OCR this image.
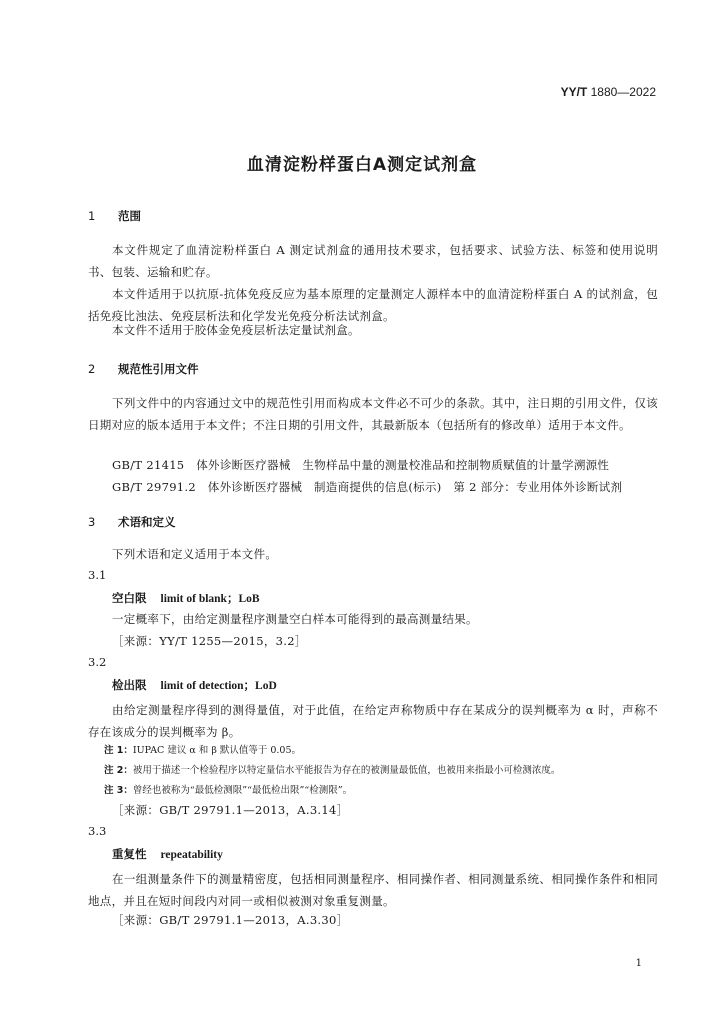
YY/T 1880—2022
血清淀粉样蛋白A测定试剂盒
1 范围
本文件规定了血清淀粉样蛋白 A 测定试剂盒的通用技术要求，包括要求、试验方法、标签和使用说明书、包装、运输和贮存。
本文件适用于以抗原-抗体免疫反应为基本原理的定量测定人源样本中的血清淀粉样蛋白 A 的试剂盒，包括免疫比浊法、免疫层析法和化学发光免疫分析法试剂盒。
本文件不适用于胶体金免疫层析法定量试剂盒。
2 规范性引用文件
下列文件中的内容通过文中的规范性引用而构成本文件必不可少的条款。其中，注日期的引用文件，仅该日期对应的版本适用于本文件；不注日期的引用文件，其最新版本（包括所有的修改单）适用于本文件。
GB/T 21415　体外诊断医疗器械　生物样品中量的测量校准品和控制物质赋值的计量学溯源性
GB/T 29791.2　体外诊断医疗器械　制造商提供的信息(标示)　第 2 部分：专业用体外诊断试剂
3 术语和定义
下列术语和定义适用于本文件。
3.1
空白限 limit of blank；LoB
一定概率下，由给定测量程序测量空白样本可能得到的最高测量结果。
［来源：YY/T 1255—2015，3.2］
3.2
检出限 limit of detection；LoD
由给定测量程序得到的测得量值，对于此值，在给定声称物质中存在某成分的误判概率为 α 时，声称不存在该成分的误判概率为 β。
注 1：IUPAC 建议 α 和 β 默认值等于 0.05。
注 2：被用于描述一个检验程序以特定量信水平能报告为存在的被测量最低值，也被用来指最小可检测浓度。
注 3：曾经也被称为“最低检测限”“最低检出限”“检测限”。
［来源：GB/T 29791.1—2013，A.3.14］
3.3
重复性 repeatability
在一组测量条件下的测量精密度，包括相同测量程序、相同操作者、相同测量系统、相同操作条件和相同地点，并且在短时间段内对同一或相似被测对象重复测量。
［来源：GB/T 29791.1—2013，A.3.30］
1
